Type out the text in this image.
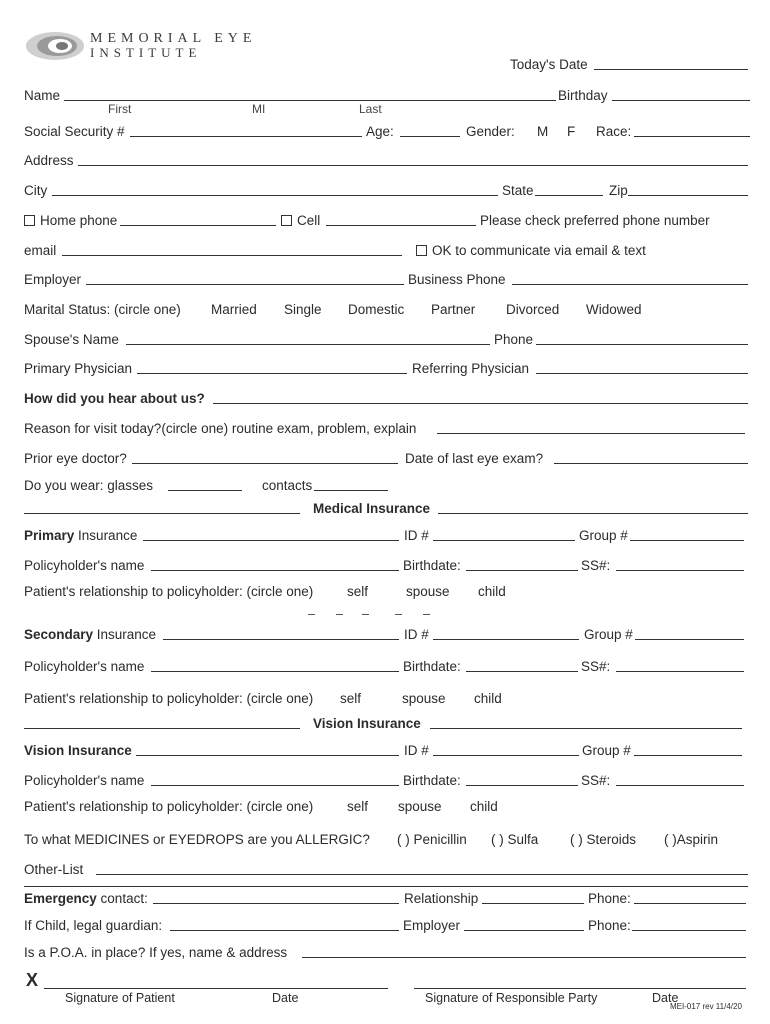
MEMORIAL EYE
INSTITUTE
Today's Date
Name	Birthday
First	MI	Last
Social Security #	Age:	Gender: M F Race:
Address
City	State	Zip
Home phone	Cell	Please check preferred phone number
email	OK to communicate via email & text
Employer	Business Phone
Marital Status: (circle one) Married Single Domestic Partner Divorced Widowed
Spouse's Name	Phone
Primary Physician	Referring Physician
How did you hear about us?
Reason for visit today?(circle one) routine exam, problem, explain
Prior eye doctor?	Date of last eye exam?
Do you wear: glasses	contacts
Medical Insurance
Primary Insurance	ID #	Group #
Policyholder's name	Birthdate:	SS#:
Patient's relationship to policyholder: (circle one)	self	spouse child
Secondary Insurance	ID #	Group #
Policyholder's name	Birthdate:	SS#:
Patient's relationship to policyholder: (circle one) self	spouse child
Vision Insurance
Vision Insurance	ID #	Group #
Policyholder's name	Birthdate:	SS#:
Patient's relationship to policyholder: (circle one)	self spouse child
To what MEDICINES or EYEDROPS are you ALLERGIC? ( ) Penicillin ( ) Sulfa ( ) Steroids ( )Aspirin
Other-List
Emergency contact:	Relationship	Phone:
If Child, legal guardian:	Employer	Phone:
Is a P.O.A. in place? If yes, name & address
X
Signature of Patient	Date	Signature of Responsible Party	Date
MEI-017 rev 11/4/20
